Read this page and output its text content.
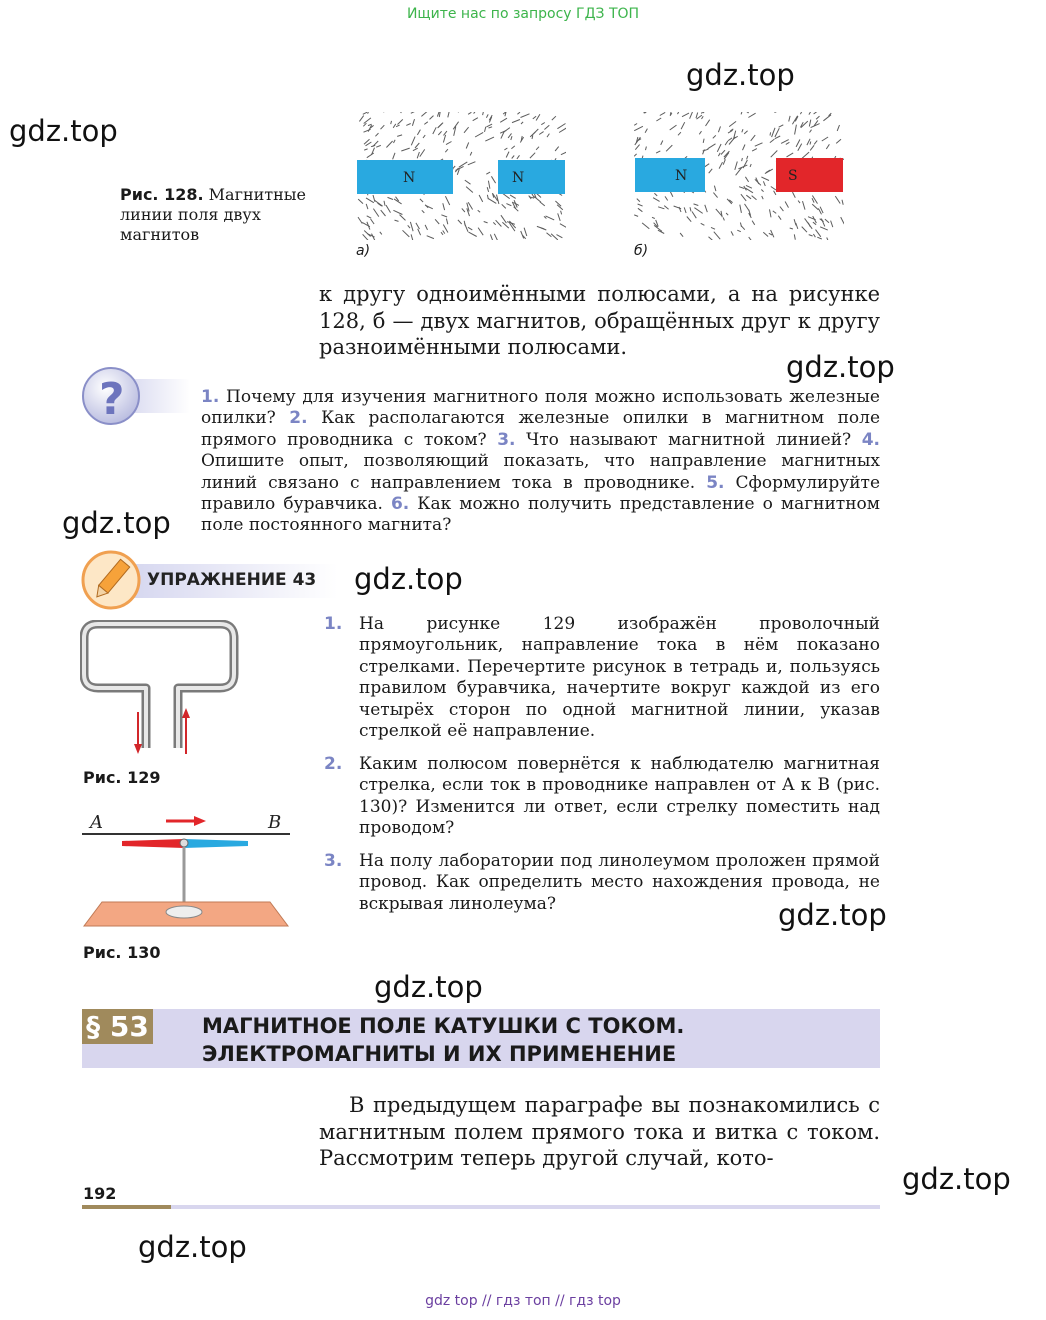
Ищите нас по запросу ГДЗ ТОП
gdz.top
gdz.top
gdz.top
gdz.top
gdz.top
gdz.top
gdz.top
gdz.top
gdz.top
Рис. 128. Магнитные линии поля двух магнитов
N	N
а)
N	S
б)
к другу одноимёнными полюсами, а на рисунке 128, б — двух магнитов, обращённых друг к другу разноимёнными полюсами.
?	1. Почему для изучения магнитного поля можно использовать железные опилки? 2. Как располагаются железные опилки в магнитном поле прямого проводника с током? 3. Что называют магнитной линией? 4. Опишите опыт, позволяющий показать, что направление магнитных линий связано с направлением тока в проводнике. 5. Сформулируйте правило буравчика. 6. Как можно получить представление о магнитном поле постоянного магнита?
УПРАЖНЕНИЕ 43
Рис. 129
A	B
Рис. 130
1. На рисунке 129 изображён проволочный прямоугольник, направление тока в нём показано стрелками. Перечертите рисунок в тетрадь и, пользуясь правилом буравчика, начертите вокруг каждой из его четырёх сторон по одной магнитной линии, указав стрелкой её направление.
2. Каким полюсом повернётся к наблюдателю магнитная стрелка, если ток в проводнике направлен от A к B (рис. 130)? Изменится ли ответ, если стрелку поместить над проводом?
3. На полу лаборатории под линолеумом проложен прямой провод. Как определить место нахождения провода, не вскрывая линолеума?
§ 53	МАГНИТНОЕ ПОЛЕ КАТУШКИ С ТОКОМ.
ЭЛЕКТРОМАГНИТЫ И ИХ ПРИМЕНЕНИЕ
В предыдущем параграфе вы познакомились с магнитным полем прямого тока и витка с током. Рассмотрим теперь другой случай, кото-
192
gdz top // гдз топ // гдз top
